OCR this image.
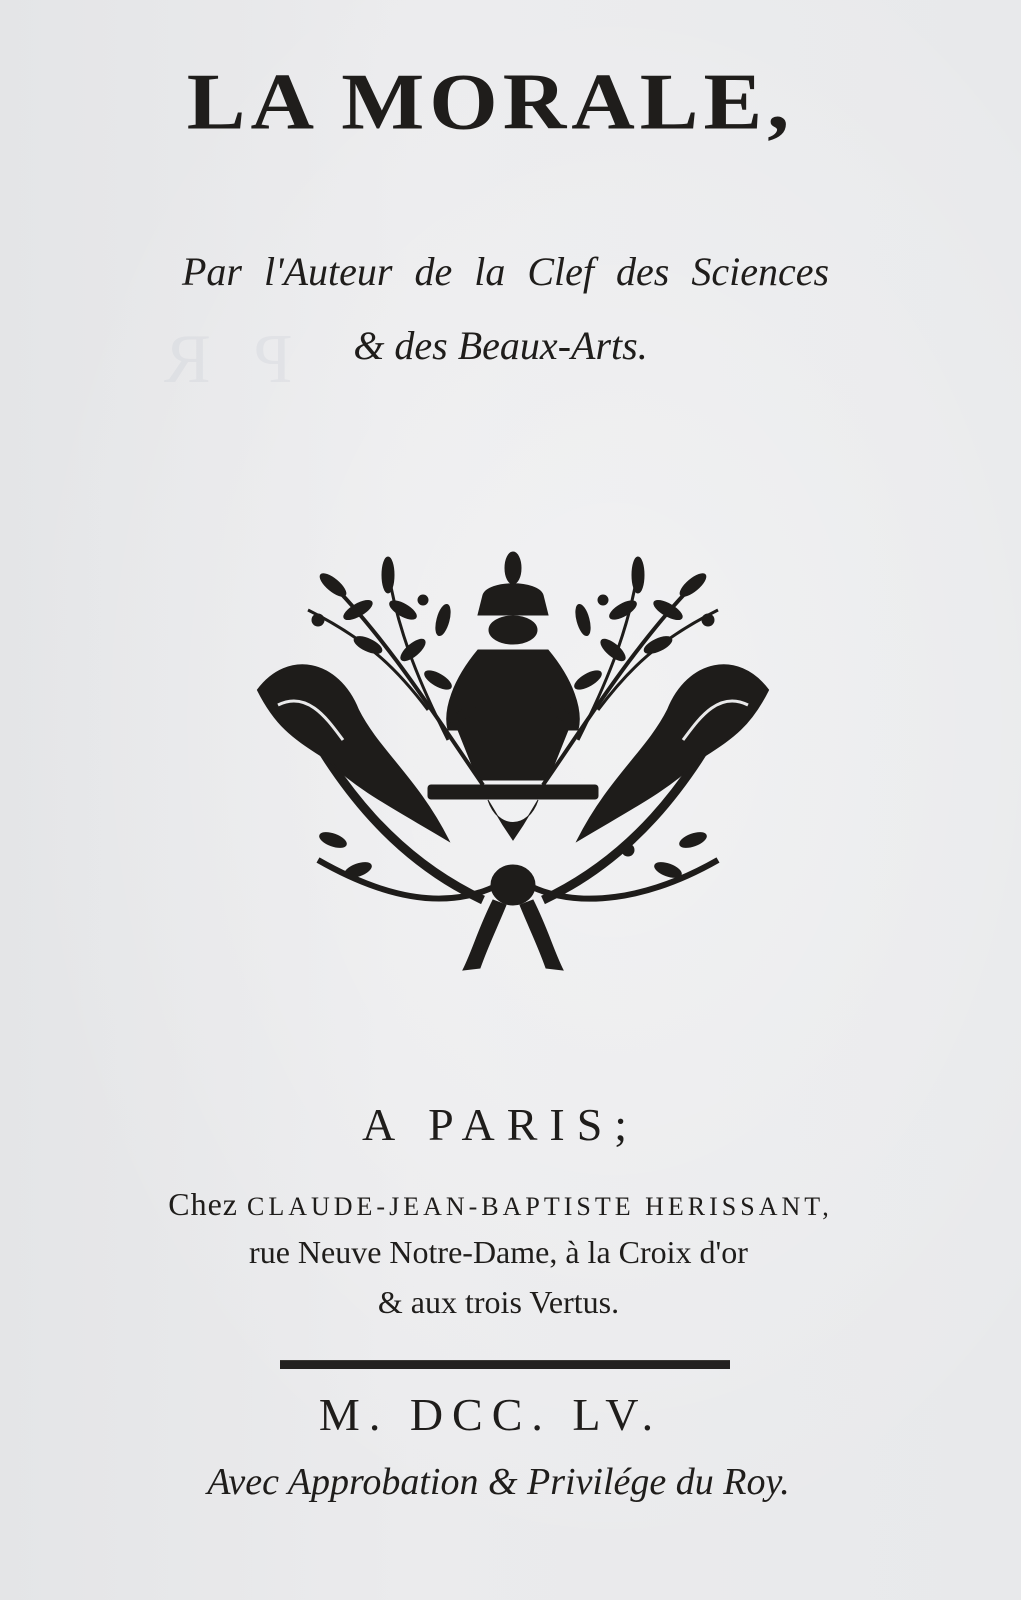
P R
LA MORALE,
Par l'Auteur de la Clef des Sciences
& des Beaux-Arts.
A PARIS;
Chez CLAUDE-JEAN-BAPTISTE HERISSANT,
rue Neuve Notre-Dame, à la Croix d'or
& aux trois Vertus.
M. DCC. LV.
Avec Approbation & Privilége du Roy.
